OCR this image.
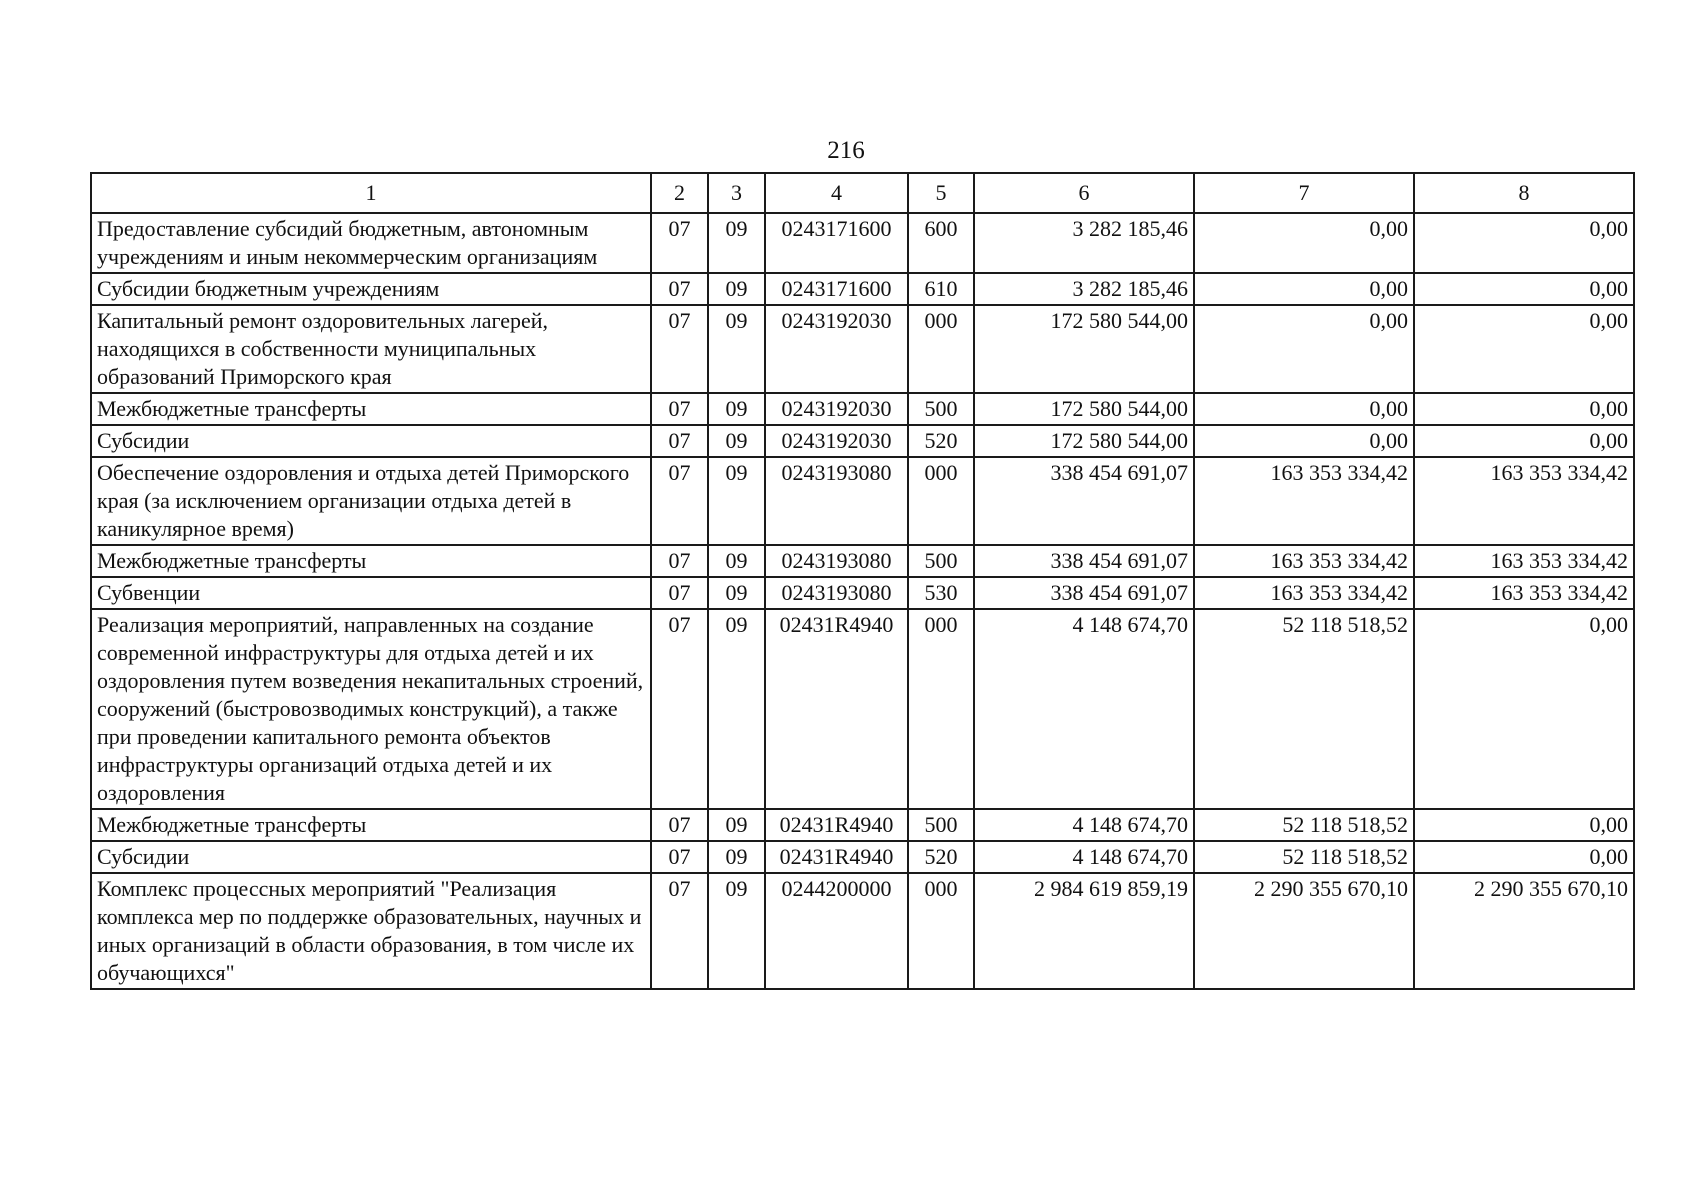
216
1	2	3	4	5	6	7	8
Предоставление субсидий бюджетным, автономным учреждениям и иным некоммерческим организациям	07	09	0243171600	600	3 282 185,46	0,00	0,00
Субсидии бюджетным учреждениям	07	09	0243171600	610	3 282 185,46	0,00	0,00
Капитальный ремонт оздоровительных лагерей, находящихся в собственности муниципальных образований Приморского края	07	09	0243192030	000	172 580 544,00	0,00	0,00
Межбюджетные трансферты	07	09	0243192030	500	172 580 544,00	0,00	0,00
Субсидии	07	09	0243192030	520	172 580 544,00	0,00	0,00
Обеспечение оздоровления и отдыха детей Приморского края (за исключением организации отдыха детей в каникулярное время)	07	09	0243193080	000	338 454 691,07	163 353 334,42	163 353 334,42
Межбюджетные трансферты	07	09	0243193080	500	338 454 691,07	163 353 334,42	163 353 334,42
Субвенции	07	09	0243193080	530	338 454 691,07	163 353 334,42	163 353 334,42
Реализация мероприятий, направленных на создание современной инфраструктуры для отдыха детей и их оздоровления путем возведения некапитальных строений, сооружений (быстровозводимых конструкций), а также при проведении капитального ремонта объектов инфраструктуры организаций отдыха детей и их оздоровления	07	09	02431R4940	000	4 148 674,70	52 118 518,52	0,00
Межбюджетные трансферты	07	09	02431R4940	500	4 148 674,70	52 118 518,52	0,00
Субсидии	07	09	02431R4940	520	4 148 674,70	52 118 518,52	0,00
Комплекс процессных мероприятий "Реализация комплекса мер по поддержке образовательных, научных и иных организаций в области образования, в том числе их обучающихся"	07	09	0244200000	000	2 984 619 859,19	2 290 355 670,10	2 290 355 670,10
